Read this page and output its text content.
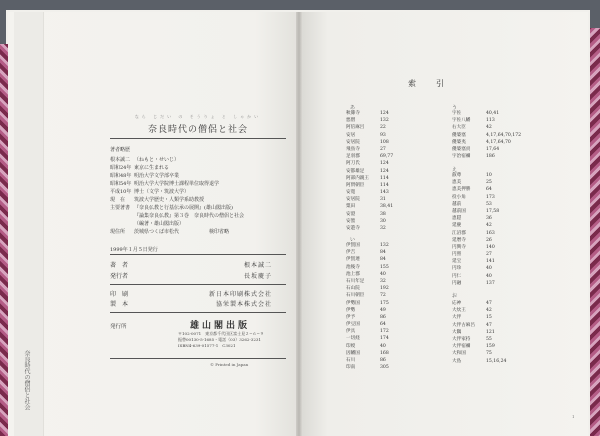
奈良時代の僧侶と社会
なら じだい の そうりょ と しゃかい
奈良時代の僧侶と社会
著者略歴
根本誠二 （ねもと・せいじ）
昭和24年 東京に生まれる
昭和48年 明治大学文学部卒業
昭和54年 明治大学大学院博士課程単位取得退学
平成10年 博士（文学・筑波大学）
現　在	筑波大学歴史・人類学系助教授
主要著書 『奈良仏教と行基伝承の展開』(雄山閣出版)
『論集奈良仏教』第３巻　奈良時代の僧侶と社会
（編著・雄山閣出版）
現住所	茨城県つくば市松代　　　　　　検印省略
1999年１月５日発行
著　者	根本誠二
発行者	長坂慶子
印　刷	新日本印刷株式会社
製　本	協栄製本株式会社
発行所	雄山閣出版
〒102-0071　東京都千代田区富士見２−６−９
振替00130-5-1685・電話（03）3262-3231
ISBN4-639-01577-1　C3021
© Printed in Japan
索　引
あ
秋篠寺	124
悪僧	132
阿倍麻呂	22
安居	93
安居院	108
飛鳥寺	27
足羽郡	69,77
阿刀氏	124
安都雄足	124
阿部内親王	114
阿閇朝臣	114
安寛	143
安居院	31
粟田	38,41
安澄	38
安曇	30
安遊寺	32
い
伊賀国	132
伊吉	84
伊賀連	84
池後寺	155
池上郡	40
石川年足	32
石山院	192
石川朝臣	72
伊勢国	175
伊勢	49
伊予	86
伊豆国	64
伊具	172
一切経	174
印綬	40
因幡国	168
石川	86
印南	305
う
宇佐	40,41
宇佐八幡	113
右大臣	42
優婆塞	4,17,64,70,172
優婆夷	4,17,64,70
優婆塞貢	17,64
宇治宿禰	186
え
叡尊	10
恵美	25
恵美押勝	64
役小角	173
越前	53
越前国	17,58
恵隠	36
延慶	42
江沼郡	163
延暦寺	26
円興寺	140
円照	27
延宝	141
円珍	40
円仁	40
円融	137
お
応神	47
大炊王	42
大伴	15
大伴古麻呂	47
大隅	121
大伴家持	55
大伴宿禰	159
大和国	75
大島	15,16,24
1
